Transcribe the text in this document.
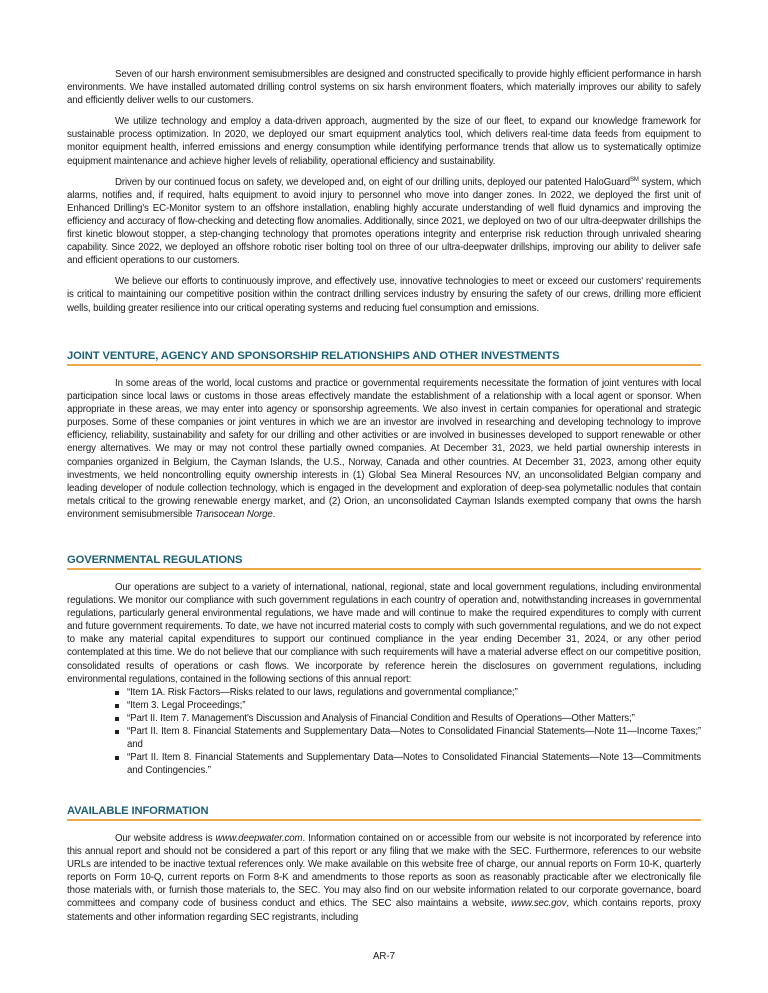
Seven of our harsh environment semisubmersibles are designed and constructed specifically to provide highly efficient performance in harsh environments. We have installed automated drilling control systems on six harsh environment floaters, which materially improves our ability to safely and efficiently deliver wells to our customers.

We utilize technology and employ a data-driven approach, augmented by the size of our fleet, to expand our knowledge framework for sustainable process optimization. In 2020, we deployed our smart equipment analytics tool, which delivers real-time data feeds from equipment to monitor equipment health, inferred emissions and energy consumption while identifying performance trends that allow us to systematically optimize equipment maintenance and achieve higher levels of reliability, operational efficiency and sustainability.

Driven by our continued focus on safety, we developed and, on eight of our drilling units, deployed our patented HaloGuard℠ system, which alarms, notifies and, if required, halts equipment to avoid injury to personnel who move into danger zones. In 2022, we deployed the first unit of Enhanced Drilling's EC-Monitor system to an offshore installation, enabling highly accurate understanding of well fluid dynamics and improving the efficiency and accuracy of flow-checking and detecting flow anomalies. Additionally, since 2021, we deployed on two of our ultra-deepwater drillships the first kinetic blowout stopper, a step-changing technology that promotes operations integrity and enterprise risk reduction through unrivaled shearing capability. Since 2022, we deployed an offshore robotic riser bolting tool on three of our ultra-deepwater drillships, improving our ability to deliver safe and efficient operations to our customers.

We believe our efforts to continuously improve, and effectively use, innovative technologies to meet or exceed our customers' requirements is critical to maintaining our competitive position within the contract drilling services industry by ensuring the safety of our crews, drilling more efficient wells, building greater resilience into our critical operating systems and reducing fuel consumption and emissions.

JOINT VENTURE, AGENCY AND SPONSORSHIP RELATIONSHIPS AND OTHER INVESTMENTS

In some areas of the world, local customs and practice or governmental requirements necessitate the formation of joint ventures with local participation since local laws or customs in those areas effectively mandate the establishment of a relationship with a local agent or sponsor. When appropriate in these areas, we may enter into agency or sponsorship agreements. We also invest in certain companies for operational and strategic purposes. Some of these companies or joint ventures in which we are an investor are involved in researching and developing technology to improve efficiency, reliability, sustainability and safety for our drilling and other activities or are involved in businesses developed to support renewable or other energy alternatives. We may or may not control these partially owned companies. At December 31, 2023, we held partial ownership interests in companies organized in Belgium, the Cayman Islands, the U.S., Norway, Canada and other countries. At December 31, 2023, among other equity investments, we held noncontrolling equity ownership interests in (1) Global Sea Mineral Resources NV, an unconsolidated Belgian company and leading developer of nodule collection technology, which is engaged in the development and exploration of deep-sea polymetallic nodules that contain metals critical to the growing renewable energy market, and (2) Orion, an unconsolidated Cayman Islands exempted company that owns the harsh environment semisubmersible Transocean Norge.

GOVERNMENTAL REGULATIONS

Our operations are subject to a variety of international, national, regional, state and local government regulations, including environmental regulations. We monitor our compliance with such government regulations in each country of operation and, notwithstanding increases in governmental regulations, particularly general environmental regulations, we have made and will continue to make the required expenditures to comply with current and future government requirements. To date, we have not incurred material costs to comply with such governmental regulations, and we do not expect to make any material capital expenditures to support our continued compliance in the year ending December 31, 2024, or any other period contemplated at this time. We do not believe that our compliance with such requirements will have a material adverse effect on our competitive position, consolidated results of operations or cash flows. We incorporate by reference herein the disclosures on government regulations, including environmental regulations, contained in the following sections of this annual report:

“Item 1A. Risk Factors—Risks related to our laws, regulations and governmental compliance;”
“Item 3. Legal Proceedings;”
“Part II. Item 7. Management's Discussion and Analysis of Financial Condition and Results of Operations—Other Matters;”
“Part II. Item 8. Financial Statements and Supplementary Data—Notes to Consolidated Financial Statements—Note 11—Income Taxes;” and
“Part II. Item 8. Financial Statements and Supplementary Data—Notes to Consolidated Financial Statements—Note 13—Commitments and Contingencies.”
AVAILABLE INFORMATION

Our website address is www.deepwater.com. Information contained on or accessible from our website is not incorporated by reference into this annual report and should not be considered a part of this report or any filing that we make with the SEC. Furthermore, references to our website URLs are intended to be inactive textual references only. We make available on this website free of charge, our annual reports on Form 10-K, quarterly reports on Form 10-Q, current reports on Form 8-K and amendments to those reports as soon as reasonably practicable after we electronically file those materials with, or furnish those materials to, the SEC. You may also find on our website information related to our corporate governance, board committees and company code of business conduct and ethics. The SEC also maintains a website, www.sec.gov, which contains reports, proxy statements and other information regarding SEC registrants, including

AR-7
